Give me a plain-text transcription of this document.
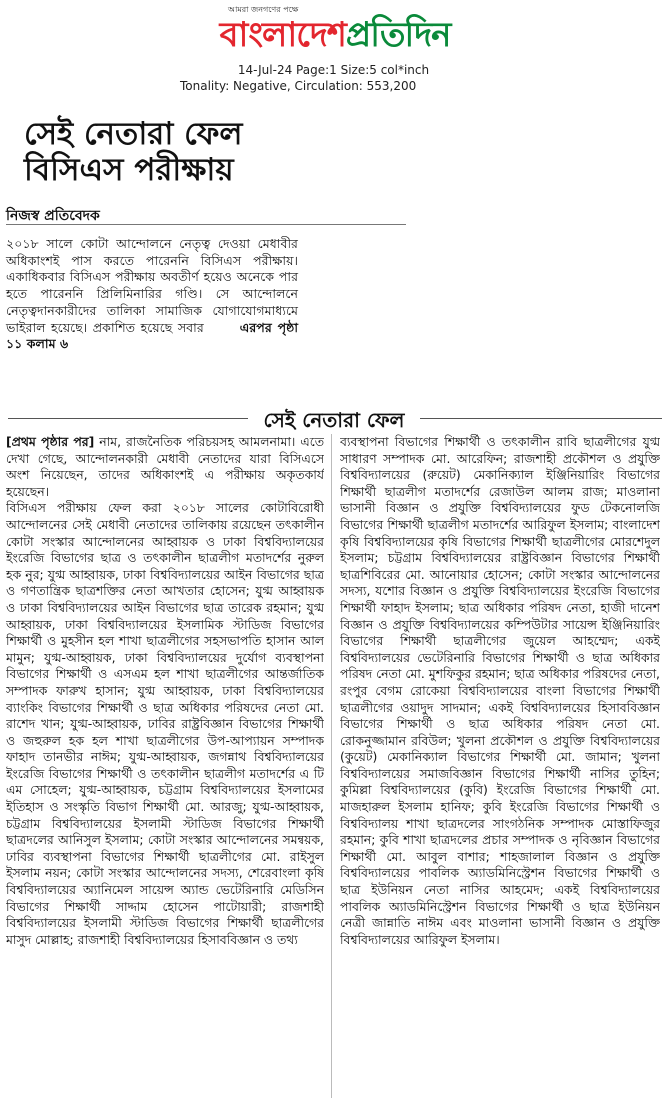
আমরা জনগণের পক্ষে
বাংলাদেশপ্রতিদিন
14-Jul-24 Page:1 Size:5 col*inch
Tonality: Negative, Circulation: 553,200
সেই নেতারা ফেল
বিসিএস পরীক্ষায়
নিজস্ব প্রতিবেদক

২০১৮ সালে কোটা আন্দোলনে নেতৃত্ব দেওয়া মেধাবীর অধিকাংশই পাস করতে পারেননি বিসিএস পরীক্ষায়। একাধিকবার বিসিএস পরীক্ষায় অবতীর্ণ হয়েও অনেকে পার হতে পারেননি প্রিলিমিনারির গণ্ডি। সে আন্দোলনে নেতৃত্বদানকারীদের তালিকা সামাজিক যোগাযোগমাধ্যমে ভাইরাল হয়েছে। প্রকাশিত হয়েছে সবার	এরপর পৃষ্ঠা ১১ কলাম ৬

সেই নেতারা ফেল

[প্রথম পৃষ্ঠার পর] নাম, রাজনৈতিক পরিচয়সহ আমলনামা। এতে দেখা গেছে, আন্দোলনকারী মেধাবী নেতাদের যারা বিসিএসে অংশ নিয়েছেন, তাদের অধিকাংশই এ পরীক্ষায় অকৃতকার্য হয়েছেন।

বিসিএস পরীক্ষায় ফেল করা ২০১৮ সালের কোটাবিরোধী আন্দোলনের সেই মেধাবী নেতাদের তালিকায় রয়েছেন তৎকালীন কোটা সংস্কার আন্দোলনের আহ্বায়ক ও ঢাকা বিশ্ববিদ্যালয়ের ইংরেজি বিভাগের ছাত্র ও তৎকালীন ছাত্রলীগ মতাদর্শের নুরুল হক নুর; যুগ্ম আহ্বায়ক, ঢাকা বিশ্ববিদ্যালয়ের আইন বিভাগের ছাত্র ও গণতান্ত্রিক ছাত্রশক্তির নেতা আখতার হোসেন; যুগ্ম আহ্বায়ক ও ঢাকা বিশ্ববিদ্যালয়ের আইন বিভাগের ছাত্র তারেক রহমান; যুগ্ম আহ্বায়ক, ঢাকা বিশ্ববিদ্যালয়ের ইসলামিক স্টাডিজ বিভাগের শিক্ষার্থী ও মুহসীন হল শাখা ছাত্রলীগের সহসভাপতি হাসান আল মামুন; যুগ্ম-আহ্বায়ক, ঢাকা বিশ্ববিদ্যালয়ের দুর্যোগ ব্যবস্থাপনা বিভাগের শিক্ষার্থী ও এসএম হল শাখা ছাত্রলীগের আন্তর্জাতিক সম্পাদক ফারুখ হাসান; যুগ্ম আহ্বায়ক, ঢাকা বিশ্ববিদ্যালয়ের ব্যাংকিং বিভাগের শিক্ষার্থী ও ছাত্র অধিকার পরিষদের নেতা মো. রাশেদ খান; যুগ্ম-আহ্বায়ক, ঢাবির রাষ্ট্রবিজ্ঞান বিভাগের শিক্ষার্থী ও জহুরুল হক হল শাখা ছাত্রলীগের উপ-আপ্যায়ন সম্পাদক ফাহাদ তানভীর নাঈম; যুগ্ম-আহ্বায়ক, জগন্নাথ বিশ্ববিদ্যালয়ের ইংরেজি বিভাগের শিক্ষার্থী ও তৎকালীন ছাত্রলীগ মতাদর্শের এ টি এম সোহেল; যুগ্ম-আহ্বায়ক, চট্টগ্রাম বিশ্ববিদ্যালয়ের ইসলামের ইতিহাস ও সংস্কৃতি বিভাগ শিক্ষার্থী মো. আরজু; যুগ্ম-আহ্বায়ক, চট্টগ্রাম বিশ্ববিদ্যালয়ের ইসলামী স্টাডিজ বিভাগের শিক্ষার্থী ছাত্রদলের আনিসুল ইসলাম; কোটা সংস্কার আন্দোলনের সমন্বয়ক, ঢাবির ব্যবস্থাপনা বিভাগের শিক্ষার্থী ছাত্রলীগের মো. রাইসুল ইসলাম নয়ন; কোটা সংস্কার আন্দোলনের সদস্য, শেরেবাংলা কৃষি বিশ্ববিদ্যালয়ের অ্যানিমেল সায়েন্স অ্যান্ড ভেটেরিনারি মেডিসিন বিভাগের শিক্ষার্থী সাদ্দাম হোসেন পাটোয়ারী; রাজশাহী বিশ্ববিদ্যালয়ের ইসলামী স্টাডিজ বিভাগের শিক্ষার্থী ছাত্রলীগের মাসুদ মোল্লাহ; রাজশাহী বিশ্ববিদ্যালয়ের হিসাববিজ্ঞান ও তথ্য

ব্যবস্থাপনা বিভাগের শিক্ষার্থী ও তৎকালীন রাবি ছাত্রলীগের যুগ্ম সাধারণ সম্পাদক মো. আরেফিন; রাজশাহী প্রকৌশল ও প্রযুক্তি বিশ্ববিদ্যালয়ের (রুয়েট) মেকানিক্যাল ইঞ্জিনিয়ারিং বিভাগের শিক্ষার্থী ছাত্রলীগ মতাদর্শের রেজাউল আলম রাজ; মাওলানা ভাসানী বিজ্ঞান ও প্রযুক্তি বিশ্ববিদ্যালয়ের ফুড টেকনোলজি বিভাগের শিক্ষার্থী ছাত্রলীগ মতাদর্শের আরিফুল ইসলাম; বাংলাদেশ কৃষি বিশ্ববিদ্যালয়ের কৃষি বিভাগের শিক্ষার্থী ছাত্রলীগের মোরশেদুল ইসলাম; চট্টগ্রাম বিশ্ববিদ্যালয়ের রাষ্ট্রবিজ্ঞান বিভাগের শিক্ষার্থী ছাত্রশিবিরের মো. আনোয়ার হোসেন; কোটা সংস্কার আন্দোলনের সদস্য, যশোর বিজ্ঞান ও প্রযুক্তি বিশ্ববিদ্যালয়ের ইংরেজি বিভাগের শিক্ষার্থী ফাহাদ ইসলাম; ছাত্র অধিকার পরিষদ নেতা, হাজী দানেশ বিজ্ঞান ও প্রযুক্তি বিশ্ববিদ্যালয়ের কম্পিউটার সায়েন্স ইঞ্জিনিয়ারিং বিভাগের শিক্ষার্থী ছাত্রলীগের জুয়েল আহম্মেদ; একই বিশ্ববিদ্যালয়ের ভেটেরিনারি বিভাগের শিক্ষার্থী ও ছাত্র অধিকার পরিষদ নেতা মো. মুশফিকুর রহমান; ছাত্র অধিকার পরিষদের নেতা, রংপুর বেগম রোকেয়া বিশ্ববিদ্যালয়ের বাংলা বিভাগের শিক্ষার্থী ছাত্রলীগের ওয়াদুদ সাদমান; একই বিশ্ববিদ্যালয়ের হিসাববিজ্ঞান বিভাগের শিক্ষার্থী ও ছাত্র অধিকার পরিষদ নেতা মো. রোকনুজ্জামান রবিউল; খুলনা প্রকৌশল ও প্রযুক্তি বিশ্ববিদ্যালয়ের (কুয়েট) মেকানিক্যাল বিভাগের শিক্ষার্থী মো. জামান; খুলনা বিশ্ববিদ্যালয়ের সমাজবিজ্ঞান বিভাগের শিক্ষার্থী নাসির তুহিন; কুমিল্লা বিশ্ববিদ্যালয়ের (কুবি) ইংরেজি বিভাগের শিক্ষার্থী মো. মাজহারুল ইসলাম হানিফ; কুবি ইংরেজি বিভাগের শিক্ষার্থী ও বিশ্ববিদ্যালয় শাখা ছাত্রদলের সাংগঠনিক সম্পাদক মোস্তাফিজুর রহমান; কুবি শাখা ছাত্রদলের প্রচার সম্পাদক ও নৃবিজ্ঞান বিভাগের শিক্ষার্থী মো. আবুল বাশার; শাহজালাল বিজ্ঞান ও প্রযুক্তি বিশ্ববিদ্যালয়ের পাবলিক অ্যাডমিনিস্ট্রেশন বিভাগের শিক্ষার্থী ও ছাত্র ইউনিয়ন নেতা নাসির আহমেদ; একই বিশ্ববিদ্যালয়ের পাবলিক অ্যাডমিনিস্ট্রেশন বিভাগের শিক্ষার্থী ও ছাত্র ইউনিয়ন নেত্রী জান্নাতি নাঈম এবং মাওলানা ভাসানী বিজ্ঞান ও প্রযুক্তি বিশ্ববিদ্যালয়ের আরিফুল ইসলাম।
